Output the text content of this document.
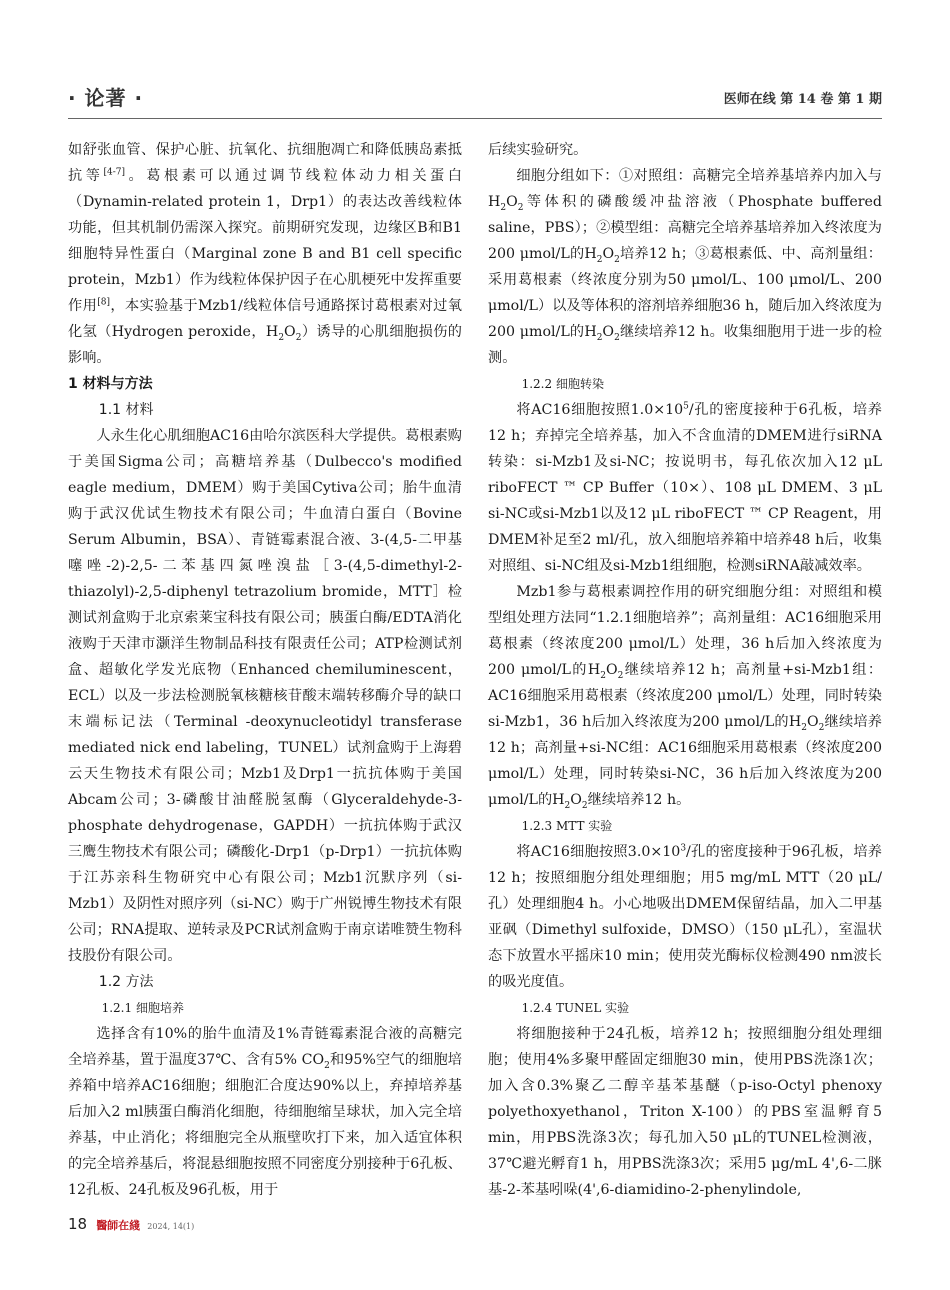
· 论著 ·	医师在线 第 14 卷 第 1 期

如舒张血管、保护心脏、抗氧化、抗细胞凋亡和降低胰岛素抵抗等[4-7]。葛根素可以通过调节线粒体动力相关蛋白（Dynamin-related protein 1，Drp1）的表达改善线粒体功能，但其机制仍需深入探究。前期研究发现，边缘区B和B1细胞特异性蛋白（Marginal zone B and B1 cell specific protein，Mzb1）作为线粒体保护因子在心肌梗死中发挥重要作用[8]，本实验基于Mzb1/线粒体信号通路探讨葛根素对过氧化氢（Hydrogen peroxide，$H_2O_2$）诱导的心肌细胞损伤的影响。

1 材料与方法

1.1 材料

人永生化心肌细胞AC16由哈尔滨医科大学提供。葛根素购于美国Sigma公司；高糖培养基（Dulbecco's modified eagle medium，DMEM）购于美国Cytiva公司；胎牛血清购于武汉优试生物技术有限公司；牛血清白蛋白（Bovine Serum Albumin，BSA）、青链霉素混合液、3-(4,5-二甲基噻唑-2)-2,5-二苯基四氮唑溴盐［3-(4,5-dimethyl-2-thiazolyl)-2,5-diphenyl tetrazolium bromide，MTT］检测试剂盒购于北京索莱宝科技有限公司；胰蛋白酶/EDTA消化液购于天津市灏洋生物制品科技有限责任公司；ATP检测试剂盒、超敏化学发光底物（Enhanced chemiluminescent，ECL）以及一步法检测脱氧核糖核苷酸末端转移酶介导的缺口末端标记法（Terminal -deoxynucleotidyl transferase mediated nick end labeling，TUNEL）试剂盒购于上海碧云天生物技术有限公司；Mzb1及Drp1一抗抗体购于美国Abcam公司；3-磷酸甘油醛脱氢酶（Glyceraldehyde-3-phosphate dehydrogenase，GAPDH）一抗抗体购于武汉三鹰生物技术有限公司；磷酸化-Drp1（p-Drp1）一抗抗体购于江苏亲科生物研究中心有限公司；Mzb1沉默序列（si-Mzb1）及阴性对照序列（si-NC）购于广州锐博生物技术有限公司；RNA提取、逆转录及PCR试剂盒购于南京诺唯赞生物科技股份有限公司。

1.2 方法

1.2.1 细胞培养

选择含有10%的胎牛血清及1%青链霉素混合液的高糖完全培养基，置于温度37℃、含有5% $CO_2$和95%空气的细胞培养箱中培养AC16细胞；细胞汇合度达90%以上，弃掉培养基后加入2 ml胰蛋白酶消化细胞，待细胞缩呈球状，加入完全培养基，中止消化；将细胞完全从瓶壁吹打下来，加入适宜体积的完全培养基后，将混悬细胞按照不同密度分别接种于6孔板、12孔板、24孔板及96孔板，用于

后续实验研究。

细胞分组如下：①对照组：高糖完全培养基培养内加入与$H_2O_2$等体积的磷酸缓冲盐溶液（Phosphate buffered saline，PBS）；②模型组：高糖完全培养基培养加入终浓度为200 μmol/L的$H_2O_2$培养12 h；③葛根素低、中、高剂量组：采用葛根素（终浓度分别为50 μmol/L、100 μmol/L、200 μmol/L）以及等体积的溶剂培养细胞36 h，随后加入终浓度为200 μmol/L的$H_2O_2$继续培养12 h。收集细胞用于进一步的检测。

1.2.2 细胞转染

将AC16细胞按照$1.0\times 10^5/$孔的密度接种于6孔板，培养12 h；弃掉完全培养基，加入不含血清的DMEM进行siRNA转染：si-Mzb1及si-NC；按说明书，每孔依次加入12 μL riboFECT ™ CP Buffer（10×）、108 μL DMEM、3 μL si-NC或si-Mzb1以及12 μL riboFECT ™ CP Reagent，用DMEM补足至2 ml/孔，放入细胞培养箱中培养48 h后，收集对照组、si-NC组及si-Mzb1组细胞，检测siRNA敲减效率。

Mzb1参与葛根素调控作用的研究细胞分组：对照组和模型组处理方法同“1.2.1细胞培养”；高剂量组：AC16细胞采用葛根素（终浓度200 μmol/L）处理，36 h后加入终浓度为200 μmol/L的$H_2O_2$继续培养12 h；高剂量+si-Mzb1组：AC16细胞采用葛根素（终浓度200 μmol/L）处理，同时转染si-Mzb1，36 h后加入终浓度为200 μmol/L的$H_2O_2$继续培养12 h；高剂量+si-NC组：AC16细胞采用葛根素（终浓度200 μmol/L）处理，同时转染si-NC，36 h后加入终浓度为200 μmol/L的$H_2O_2$继续培养12 h。

1.2.3 MTT 实验

将AC16细胞按照$3.0\times 10^3/$孔的密度接种于96孔板，培养12 h；按照细胞分组处理细胞；用5 mg/mL MTT（20 μL/孔）处理细胞4 h。小心地吸出DMEM保留结晶，加入二甲基亚砜（Dimethyl sulfoxide，DMSO）（150 μL孔），室温状态下放置水平摇床10 min；使用荧光酶标仪检测490 nm波长的吸光度值。

1.2.4 TUNEL 实验

将细胞接种于24孔板，培养12 h；按照细胞分组处理细胞；使用4%多聚甲醛固定细胞30 min，使用PBS洗涤1次；加入含0.3%聚乙二醇辛基苯基醚（p-iso-Octyl phenoxy polyethoxyethanol，Triton X-100）的PBS室温孵育5 min，用PBS洗涤3次；每孔加入50 μL的TUNEL检测液，37℃避光孵育1 h，用PBS洗涤3次；采用5 μg/mL 4',6-二脒基-2-苯基吲哚(4',6-diamidino-2-phenylindole,

18 醫師在綫 2024, 14(1)
